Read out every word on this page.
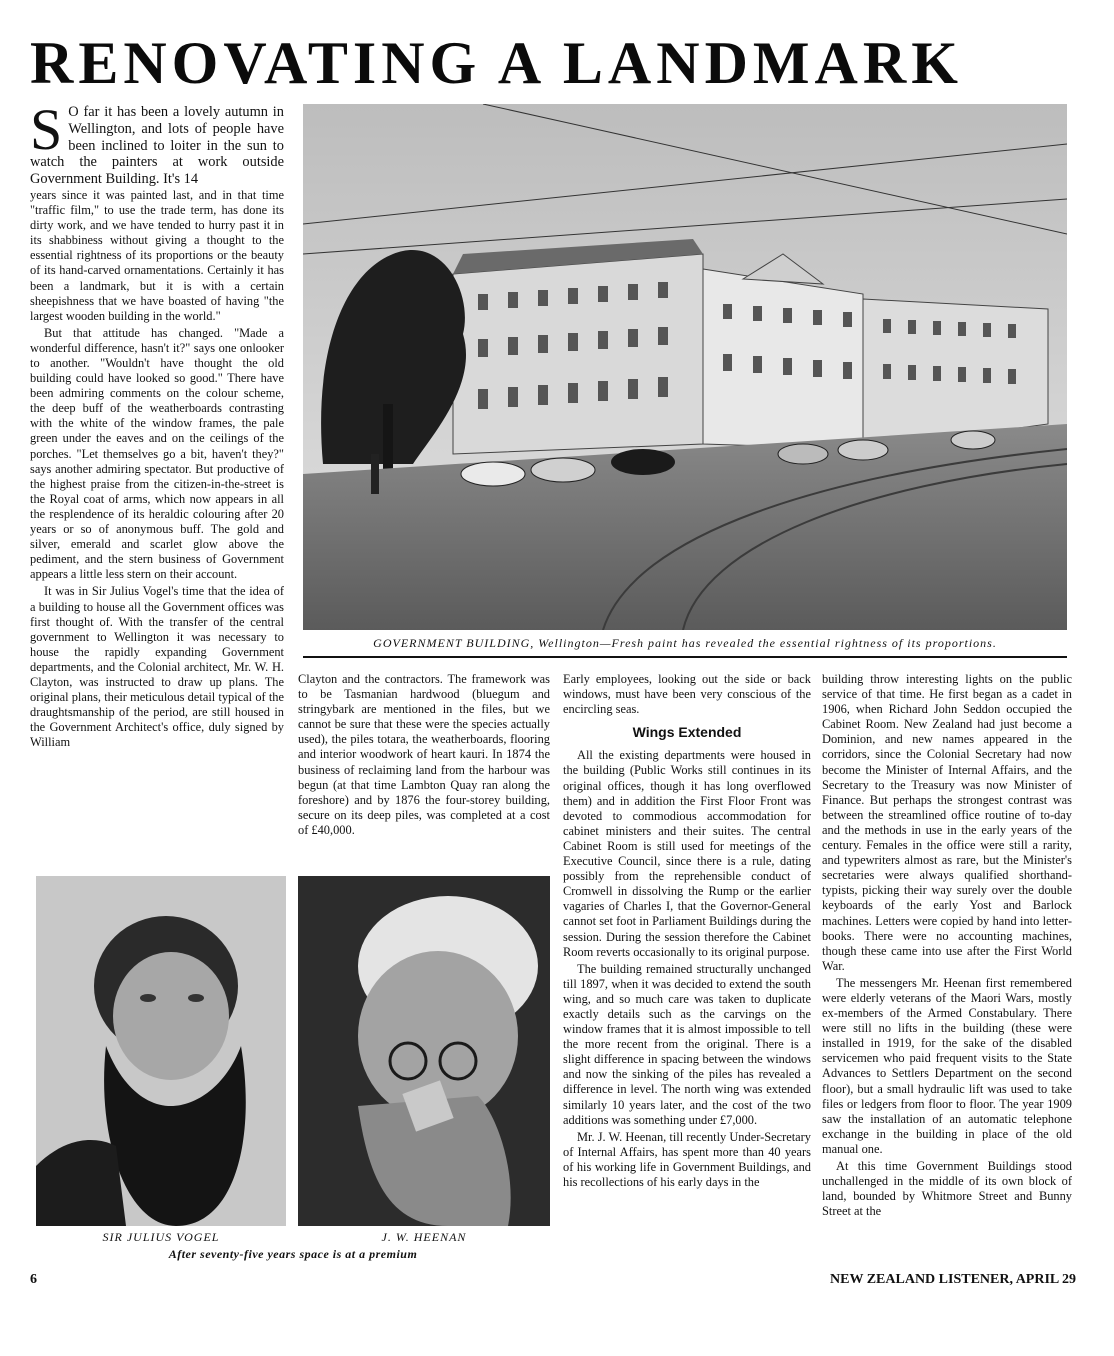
RENOVATING A LANDMARK
S O far it has been a lovely autumn in Wellington, and lots of people have been inclined to loiter in the sun to watch the painters at work outside Government Building. It's 14

years since it was painted last, and in that time "traffic film," to use the trade term, has done its dirty work, and we have tended to hurry past it in its shabbiness without giving a thought to the essential rightness of its proportions or the beauty of its hand-carved ornamentations. Certainly it has been a landmark, but it is with a certain sheepishness that we have boasted of having "the largest wooden building in the world."

But that attitude has changed. "Made a wonderful difference, hasn't it?" says one onlooker to another. "Wouldn't have thought the old building could have looked so good." There have been admiring comments on the colour scheme, the deep buff of the weatherboards contrasting with the white of the window frames, the pale green under the eaves and on the ceilings of the porches. "Let themselves go a bit, haven't they?" says another admiring spectator. But productive of the highest praise from the citizen-in-the-street is the Royal coat of arms, which now appears in all the resplendence of its heraldic colouring after 20 years or so of anonymous buff. The gold and silver, emerald and scarlet glow above the pediment, and the stern business of Government appears a little less stern on their account.

It was in Sir Julius Vogel's time that the idea of a building to house all the Government offices was first thought of. With the transfer of the central government to Wellington it was necessary to house the rapidly expanding Government departments, and the Colonial architect, Mr. W. H. Clayton, was instructed to draw up plans. The original plans, their meticulous detail typical of the draughtsmanship of the period, are still housed in the Government Architect's office, duly signed by William

GOVERNMENT BUILDING, Wellington—Fresh paint has revealed the essential rightness of its proportions.

Clayton and the contractors. The framework was to be Tasmanian hardwood (bluegum and stringybark are mentioned in the files, but we cannot be sure that these were the species actually used), the piles totara, the weatherboards, flooring and interior woodwork of heart kauri. In 1874 the business of reclaiming land from the harbour was begun (at that time Lambton Quay ran along the foreshore) and by 1876 the four-storey building, secure on its deep piles, was completed at a cost of £40,000.

Early employees, looking out the side or back windows, must have been very conscious of the encircling seas.

Wings Extended

All the existing departments were housed in the building (Public Works still continues in its original offices, though it has long overflowed them) and in addition the First Floor Front was devoted to commodious accommodation for cabinet ministers and their suites. The central Cabinet Room is still used for meetings of the Executive Council, since there is a rule, dating possibly from the reprehensible conduct of Cromwell in dissolving the Rump or the earlier vagaries of Charles I, that the Governor-General cannot set foot in Parliament Buildings during the session. During the session therefore the Cabinet Room reverts occasionally to its original purpose.

The building remained structurally unchanged till 1897, when it was decided to extend the south wing, and so much care was taken to duplicate exactly details such as the carvings on the window frames that it is almost impossible to tell the more recent from the original. There is a slight difference in spacing between the windows and now the sinking of the piles has revealed a difference in level. The north wing was extended similarly 10 years later, and the cost of the two additions was something under £7,000.

Mr. J. W. Heenan, till recently Under-Secretary of Internal Affairs, has spent more than 40 years of his working life in Government Buildings, and his recollections of his early days in the

building throw interesting lights on the public service of that time. He first began as a cadet in 1906, when Richard John Seddon occupied the Cabinet Room. New Zealand had just become a Dominion, and new names appeared in the corridors, since the Colonial Secretary had now become the Minister of Internal Affairs, and the Secretary to the Treasury was now Minister of Finance. But perhaps the strongest contrast was between the streamlined office routine of to-day and the methods in use in the early years of the century. Females in the office were still a rarity, and typewriters almost as rare, but the Minister's secretaries were always qualified shorthand-typists, picking their way surely over the double keyboards of the early Yost and Barlock machines. Letters were copied by hand into letter-books. There were no accounting machines, though these came into use after the First World War.

The messengers Mr. Heenan first remembered were elderly veterans of the Maori Wars, mostly ex-members of the Armed Constabulary. There were still no lifts in the building (these were installed in 1919, for the sake of the disabled servicemen who paid frequent visits to the State Advances to Settlers Department on the second floor), but a small hydraulic lift was used to take files or ledgers from floor to floor. The year 1909 saw the installation of an automatic telephone exchange in the building in place of the old manual one.

At this time Government Buildings stood unchallenged in the middle of its own block of land, bounded by Whitmore Street and Bunny Street at the

SIR JULIUS VOGEL	J. W. HEENAN
After seventy-five years space is at a premium
6	NEW ZEALAND LISTENER, APRIL 29
